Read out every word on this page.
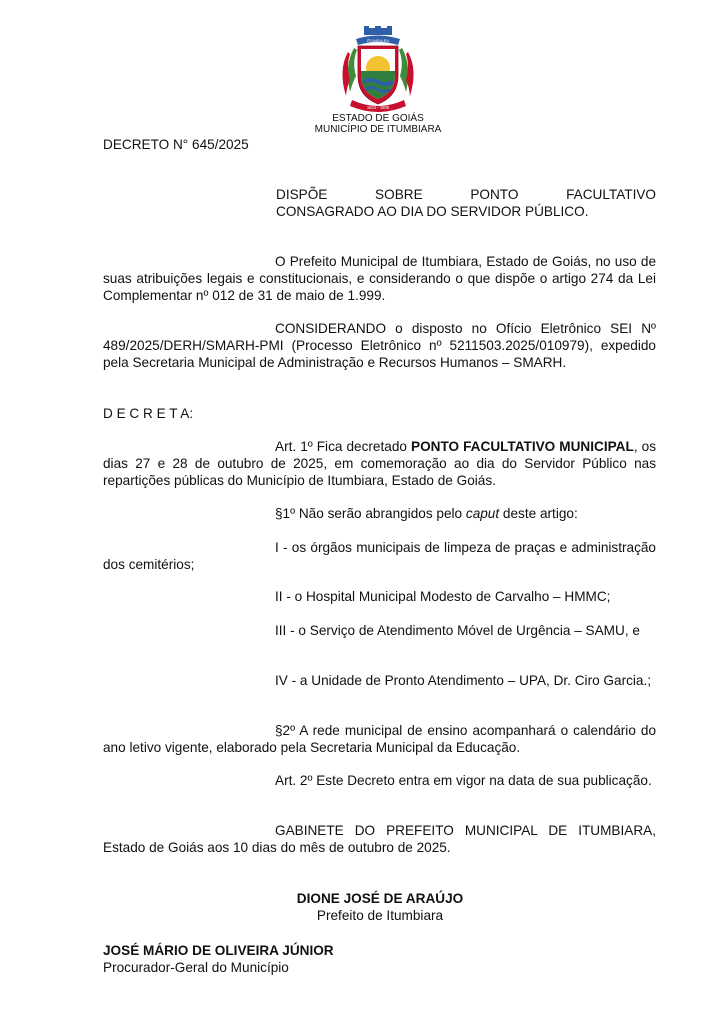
ITUMBIARA
1824 - 1909
ESTADO DE GOIÁS
MUNICÍPIO DE ITUMBIARA
DECRETO N° 645/2025
DISPÕE SOBRE PONTO FACULTATIVO
CONSAGRADO AO DIA DO SERVIDOR PÚBLICO.

O Prefeito Municipal de Itumbiara, Estado de Goiás, no uso de suas atribuições legais e constitucionais, e considerando o que dispõe o artigo 274 da Lei Complementar nº 012 de 31 de maio de 1.999.

CONSIDERANDO o disposto no Ofício Eletrônico SEI Nº 489/2025/DERH/SMARH-PMI (Processo Eletrônico nº 5211503.2025/010979), expedido pela Secretaria Municipal de Administração e Recursos Humanos – SMARH.

D E C R E T A:

Art. 1º Fica decretado PONTO FACULTATIVO MUNICIPAL, os dias 27 e 28 de outubro de 2025, em comemoração ao dia do Servidor Público nas repartições públicas do Município de Itumbiara, Estado de Goiás.

§1º Não serão abrangidos pelo caput deste artigo:

I - os órgãos municipais de limpeza de praças e administração dos cemitérios;

II - o Hospital Municipal Modesto de Carvalho – HMMC;

III - o Serviço de Atendimento Móvel de Urgência – SAMU, e

IV - a Unidade de Pronto Atendimento – UPA, Dr. Ciro Garcia.;

§2º A rede municipal de ensino acompanhará o calendário do ano letivo vigente, elaborado pela Secretaria Municipal da Educação.

Art. 2º Este Decreto entra em vigor na data de sua publicação.

GABINETE DO PREFEITO MUNICIPAL DE ITUMBIARA, Estado de Goiás aos 10 dias do mês de outubro de 2025.

DIONE JOSÉ DE ARAÚJO
Prefeito de Itumbiara
JOSÉ MÁRIO DE OLIVEIRA JÚNIOR
Procurador-Geral do Município
